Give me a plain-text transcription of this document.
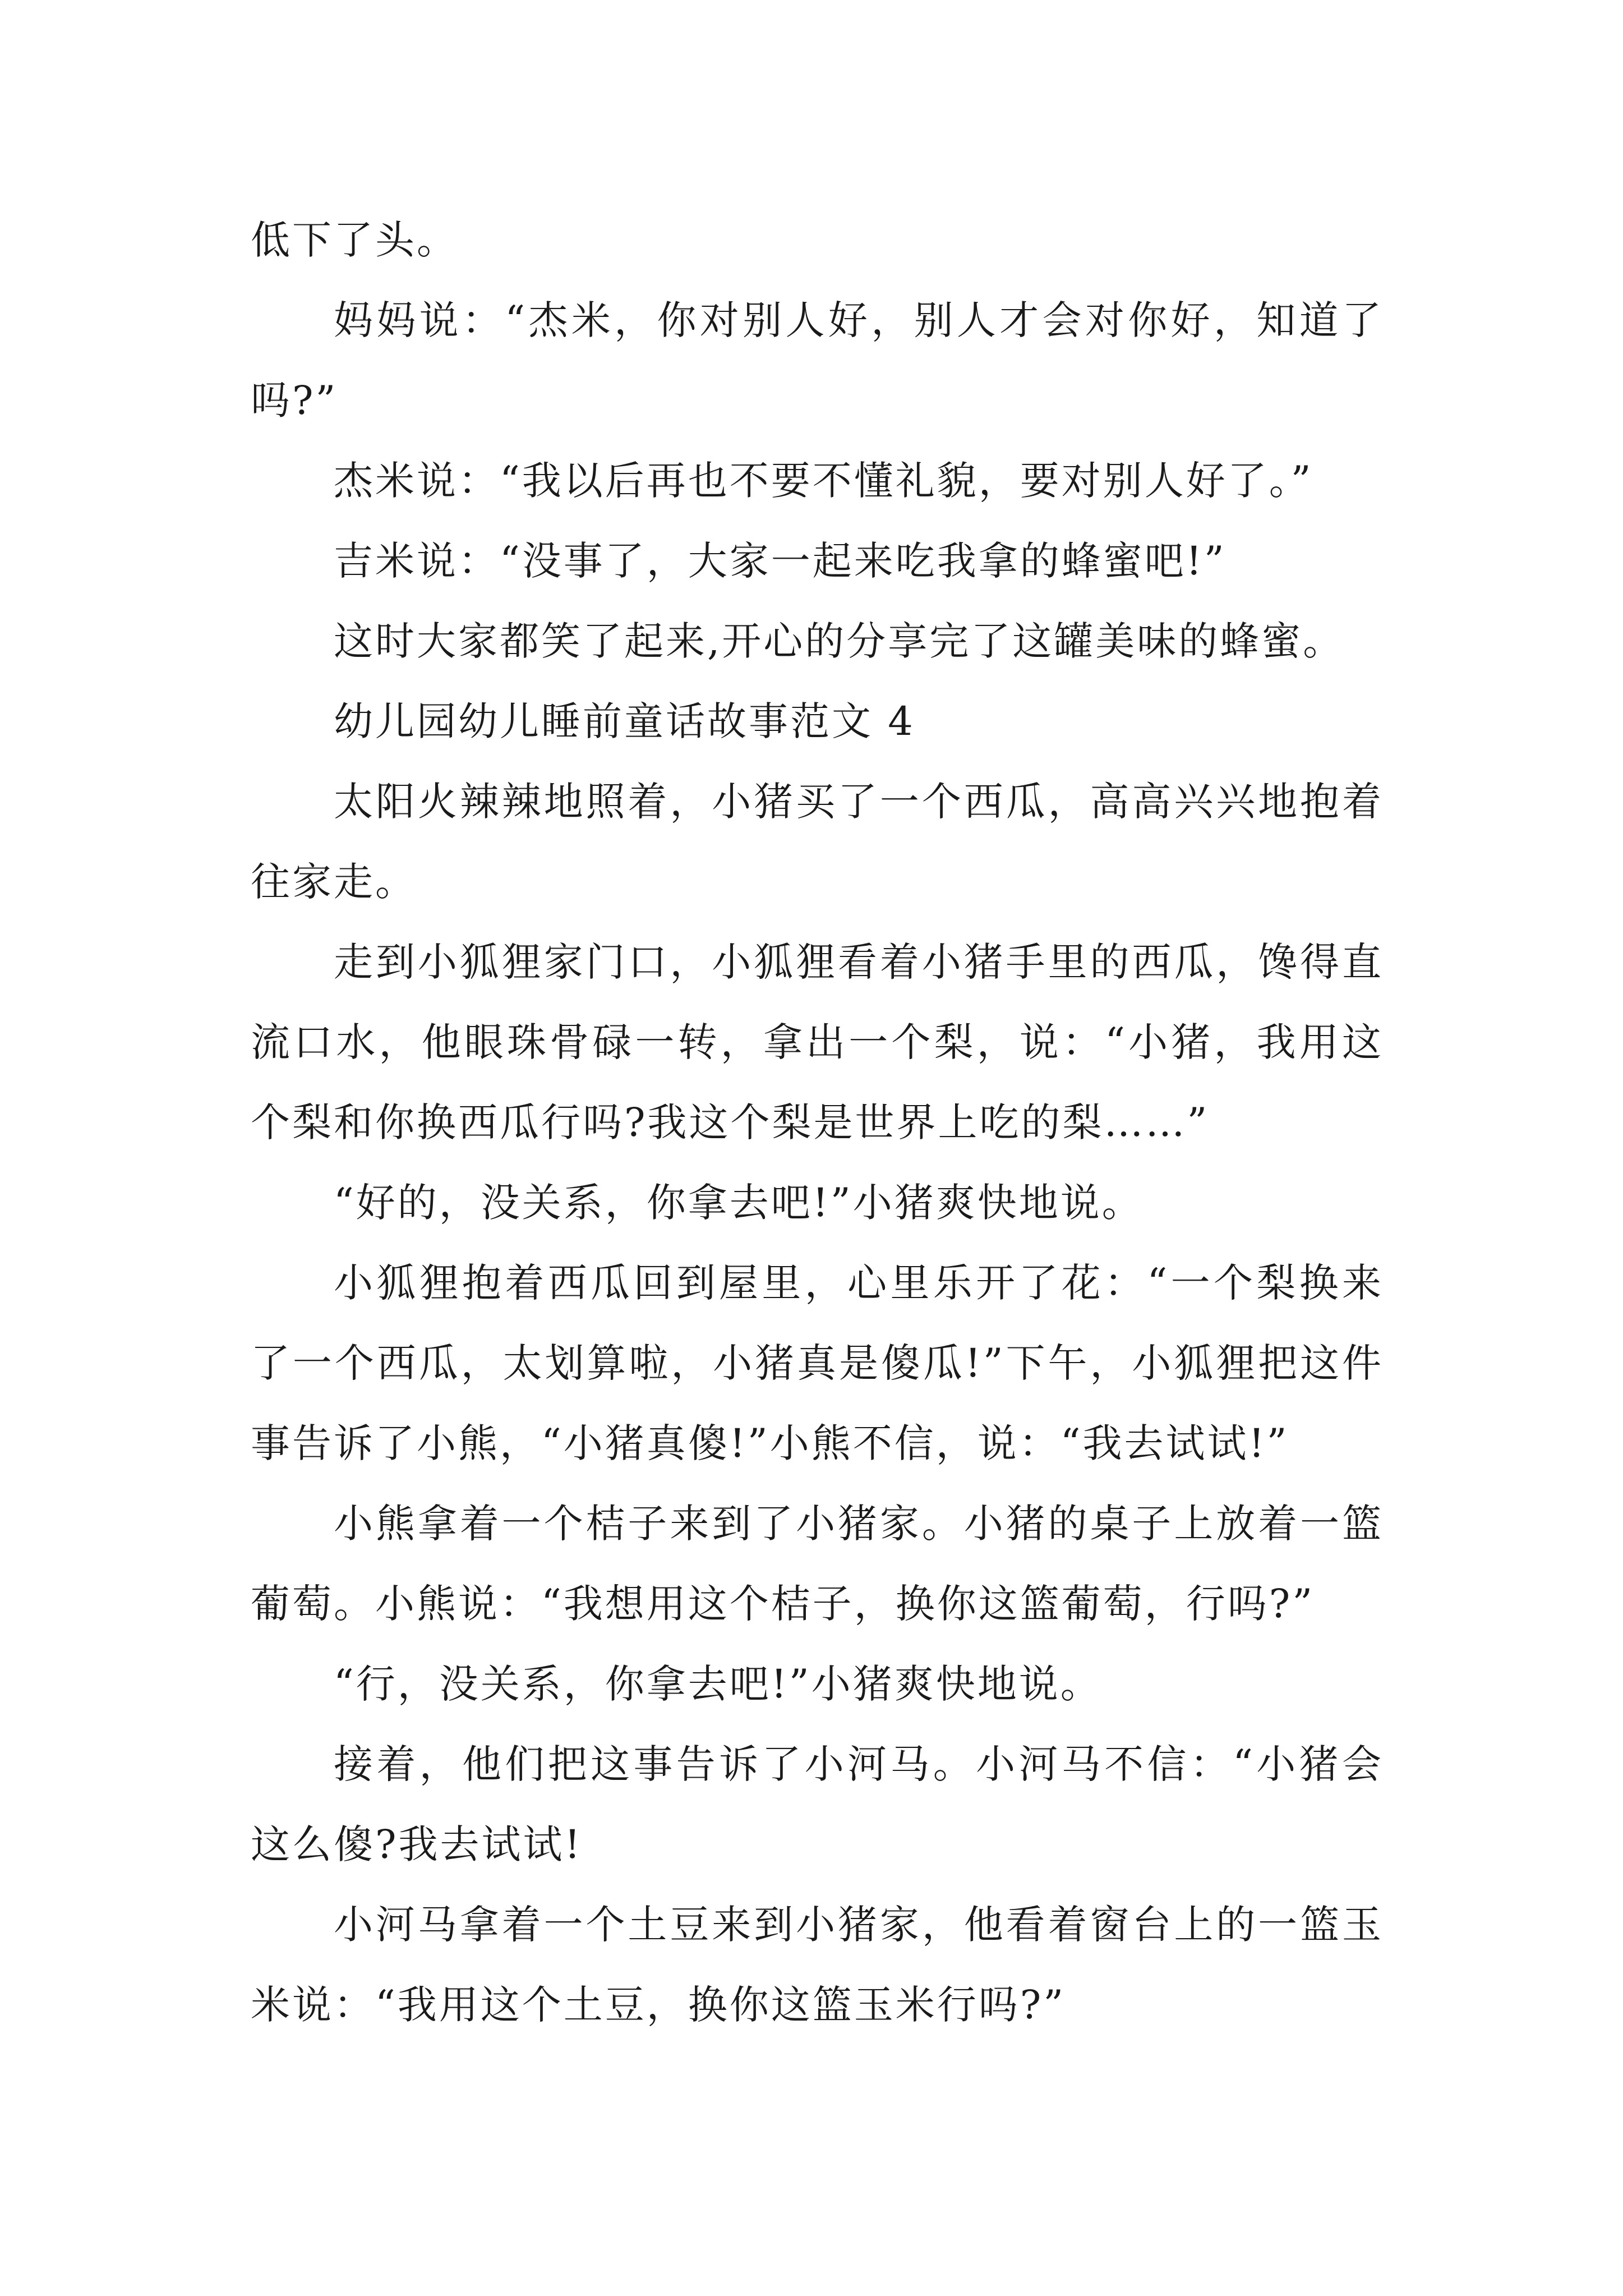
低下了头。

妈妈说：“杰米，你对别人好，别人才会对你好，知道了吗?”

杰米说：“我以后再也不要不懂礼貌，要对别人好了。”

吉米说：“没事了，大家一起来吃我拿的蜂蜜吧!”

这时大家都笑了起来,开心的分享完了这罐美味的蜂蜜。

幼儿园幼儿睡前童话故事范文 4

太阳火辣辣地照着，小猪买了一个西瓜，高高兴兴地抱着往家走。

走到小狐狸家门口，小狐狸看着小猪手里的西瓜，馋得直流口水，他眼珠骨碌一转，拿出一个梨，说：“小猪，我用这个梨和你换西瓜行吗?我这个梨是世界上吃的梨……”

“好的，没关系，你拿去吧!”小猪爽快地说。

小狐狸抱着西瓜回到屋里，心里乐开了花：“一个梨换来了一个西瓜，太划算啦，小猪真是傻瓜!”下午，小狐狸把这件事告诉了小熊，“小猪真傻!”小熊不信，说：“我去试试!”

小熊拿着一个桔子来到了小猪家。小猪的桌子上放着一篮葡萄。小熊说：“我想用这个桔子，换你这篮葡萄，行吗?”

“行，没关系，你拿去吧!”小猪爽快地说。

接着，他们把这事告诉了小河马。小河马不信：“小猪会这么傻?我去试试!

小河马拿着一个土豆来到小猪家，他看着窗台上的一篮玉米说：“我用这个土豆，换你这篮玉米行吗?”
